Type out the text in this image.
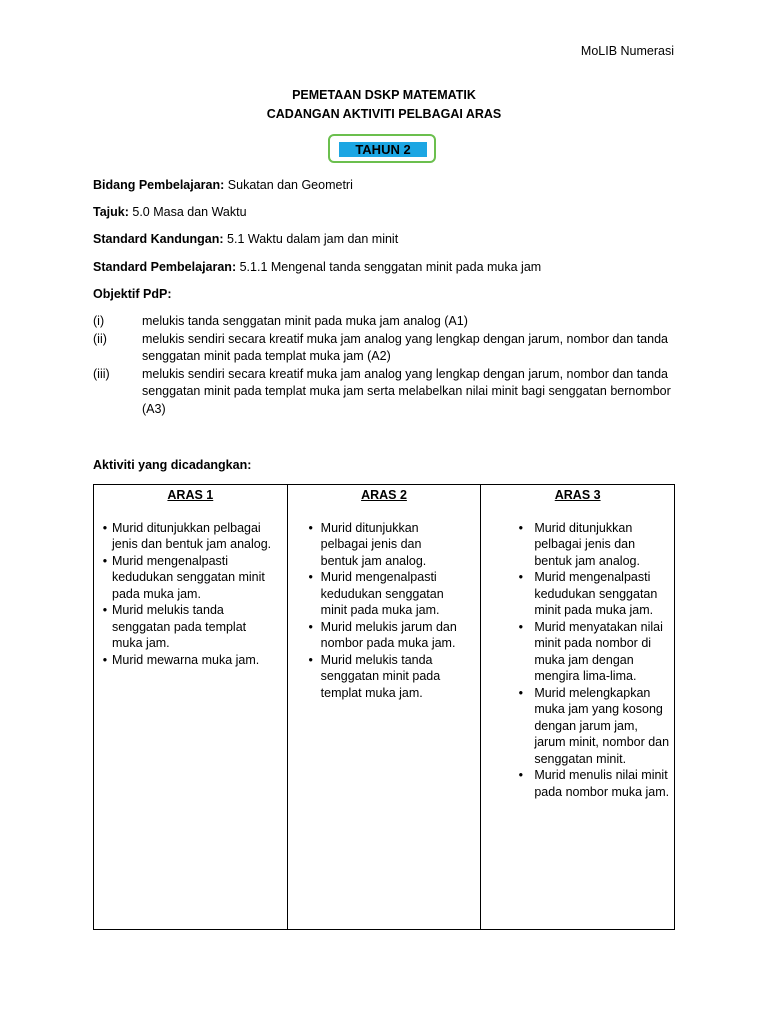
MoLIB Numerasi
PEMETAAN DSKP MATEMATIK
CADANGAN AKTIVITI PELBAGAI ARAS
TAHUN 2
Bidang Pembelajaran: Sukatan dan Geometri
Tajuk: 5.0 Masa dan Waktu
Standard Kandungan: 5.1 Waktu dalam jam dan minit
Standard Pembelajaran: 5.1.1 Mengenal tanda senggatan minit pada muka jam
Objektif PdP:
(i)	melukis tanda senggatan minit pada muka jam analog (A1)
(ii)	melukis sendiri secara kreatif muka jam analog yang lengkap dengan jarum, nombor dan tanda senggatan minit pada templat muka jam (A2)
(iii)	melukis sendiri secara kreatif muka jam analog yang lengkap dengan jarum, nombor dan tanda senggatan minit pada templat muka jam serta melabelkan nilai minit bagi senggatan bernombor (A3)
Aktiviti yang dicadangkan:
ARAS 1
• Murid ditunjukkan pelbagai jenis dan bentuk jam analog.
• Murid mengenalpasti kedudukan senggatan minit pada muka jam.
• Murid melukis tanda senggatan pada templat muka jam.
• Murid mewarna muka jam.

ARAS 2
• Murid ditunjukkan pelbagai jenis dan bentuk jam analog.
• Murid mengenalpasti kedudukan senggatan minit pada muka jam.
• Murid melukis jarum dan nombor pada muka jam.
• Murid melukis tanda senggatan minit pada templat muka jam.

ARAS 3
• Murid ditunjukkan pelbagai jenis dan bentuk jam analog.
• Murid mengenalpasti kedudukan senggatan minit pada muka jam.
• Murid menyatakan nilai minit pada nombor di muka jam dengan mengira lima-lima.
• Murid melengkapkan muka jam yang kosong dengan jarum jam, jarum minit, nombor dan senggatan minit.
• Murid menulis nilai minit pada nombor muka jam.
